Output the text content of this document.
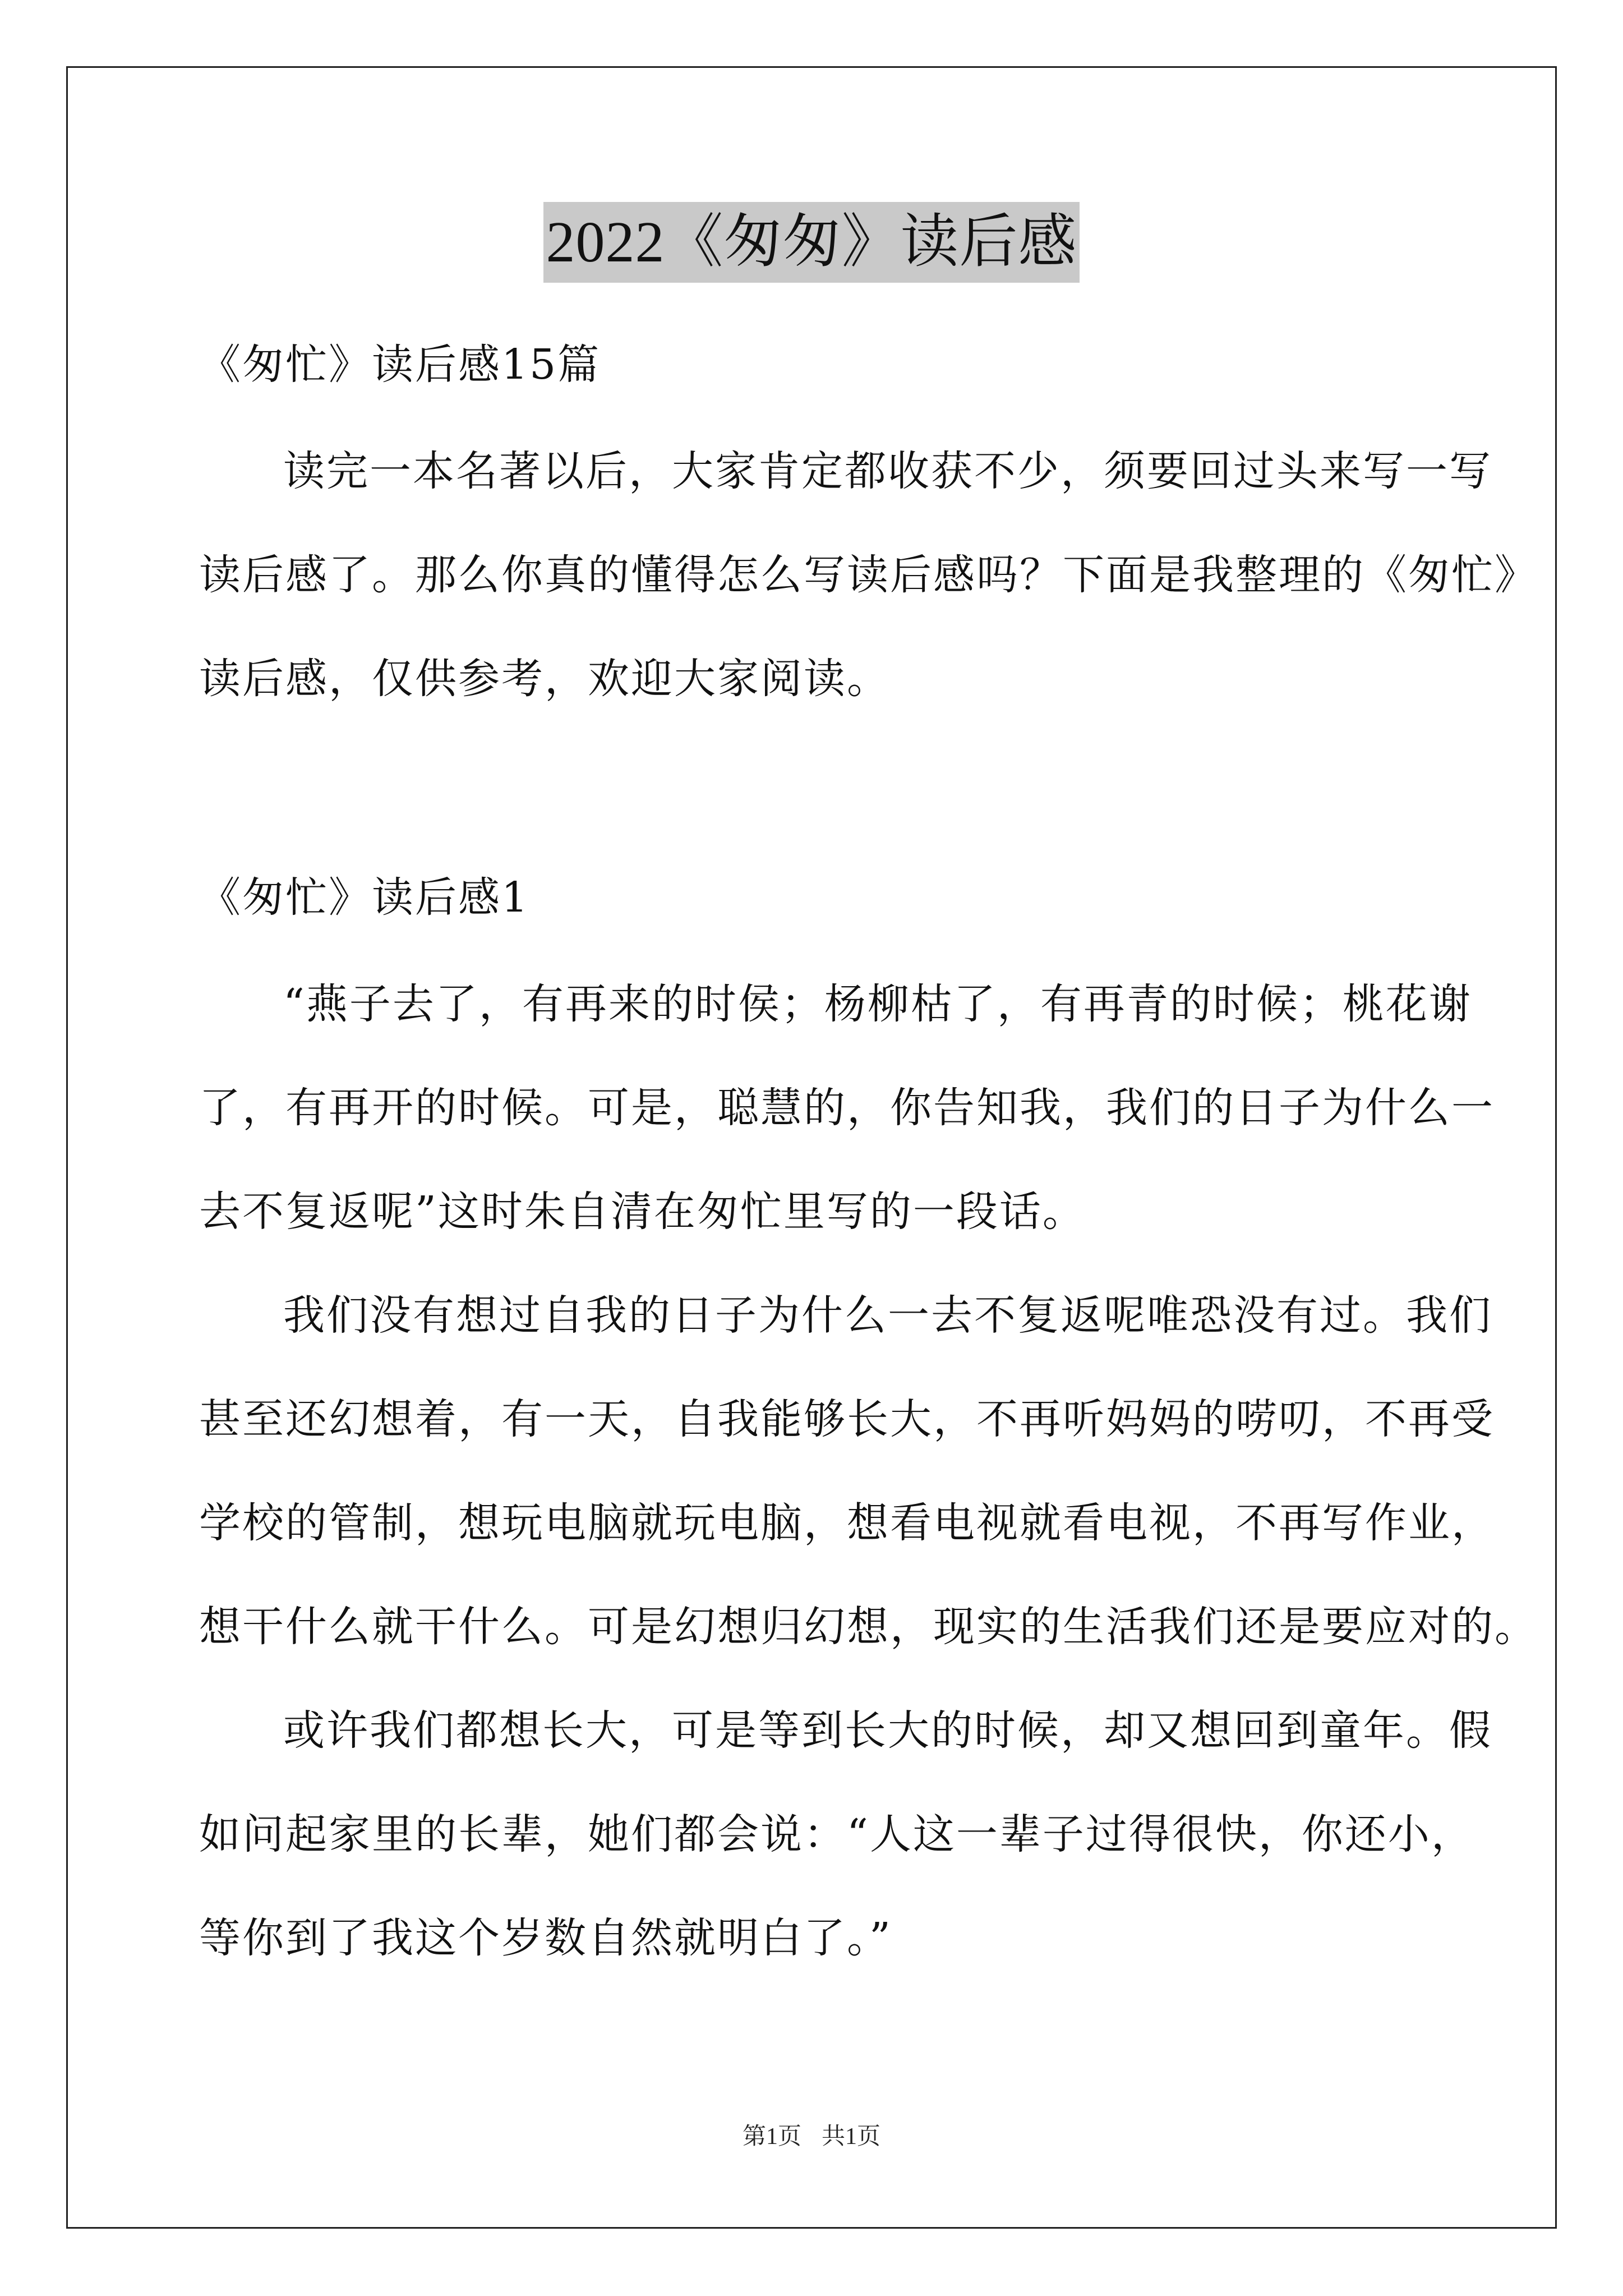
2022《匆匆》读后感
《匆忙》读后感15篇
读完一本名著以后，大家肯定都收获不少，须要回过头来写一写
读后感了。那么你真的懂得怎么写读后感吗？下面是我整理的《匆忙》
读后感，仅供参考，欢迎大家阅读。
《匆忙》读后感1
“燕子去了，有再来的时侯；杨柳枯了，有再青的时候；桃花谢
了，有再开的时候。可是，聪慧的，你告知我，我们的日子为什么一
去不复返呢”这时朱自清在匆忙里写的一段话。
我们没有想过自我的日子为什么一去不复返呢唯恐没有过。我们
甚至还幻想着，有一天，自我能够长大，不再听妈妈的唠叨，不再受
学校的管制，想玩电脑就玩电脑，想看电视就看电视，不再写作业，
想干什么就干什么。可是幻想归幻想，现实的生活我们还是要应对的。
或许我们都想长大，可是等到长大的时候，却又想回到童年。假
如问起家里的长辈，她们都会说：“人这一辈子过得很快，你还小，
等你到了我这个岁数自然就明白了。”
第1页 共1页
